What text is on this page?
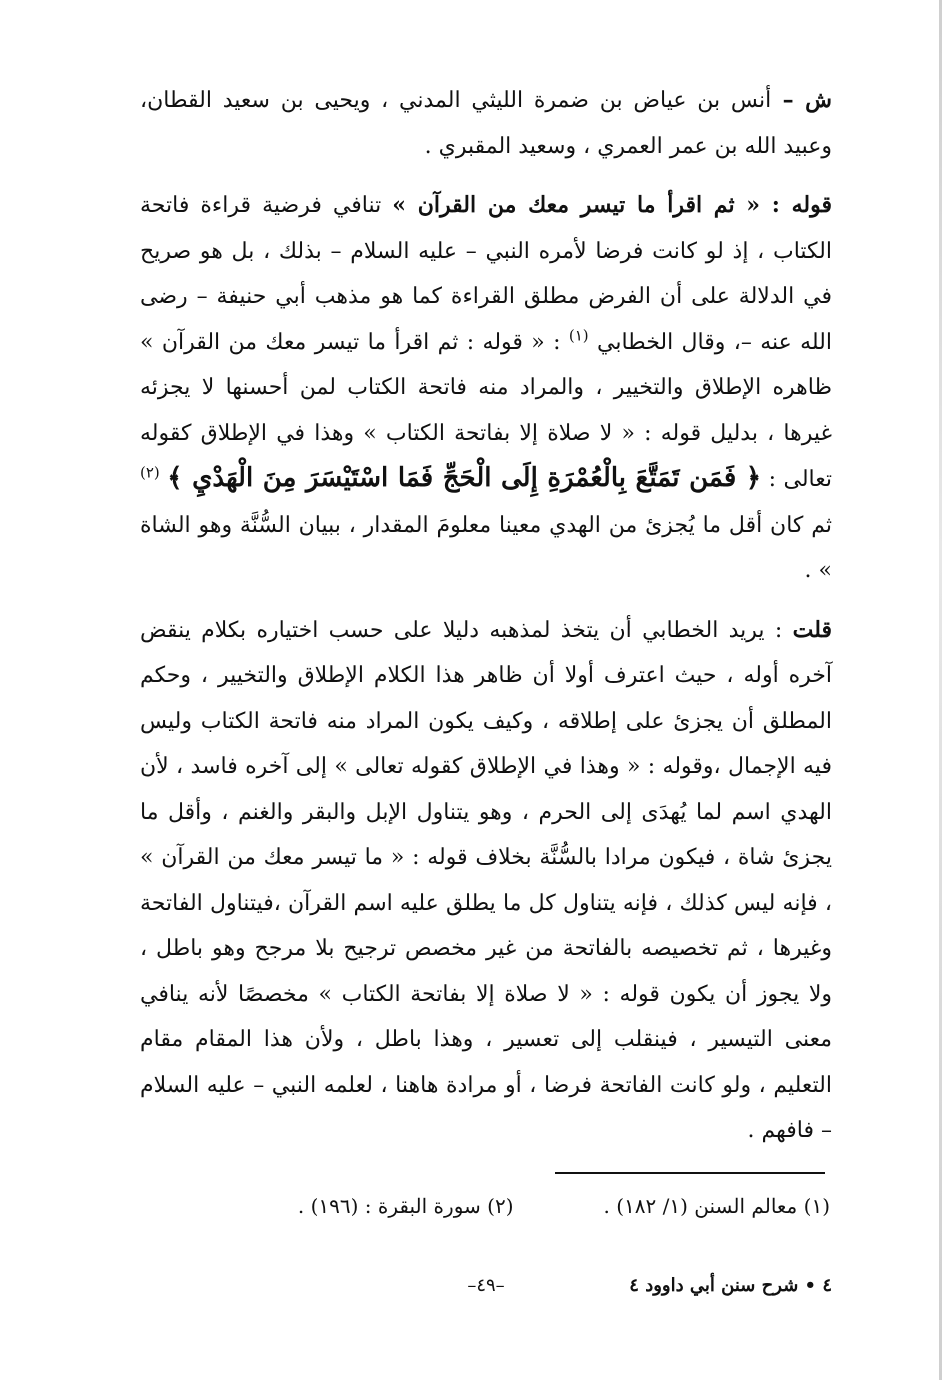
ش – أنس بن عياض بن ضمرة الليثي المدني ، ويحيى بن سعيد القطان، وعبيد الله بن عمر العمري ، وسعيد المقبري .

قوله : « ثم اقرأ ما تيسر معك من القرآن » تنافي فرضية قراءة فاتحة الكتاب ، إذ لو كانت فرضا لأمره النبي – عليه السلام – بذلك ، بل هو صريح في الدلالة على أن الفرض مطلق القراءة كما هو مذهب أبي حنيفة – رضى الله عنه –، وقال الخطابي $^{(١)}$ : « قوله : ثم اقرأ ما تيسر معك من القرآن » ظاهره الإطلاق والتخيير ، والمراد منه فاتحة الكتاب لمن أحسنها لا يجزئه غيرها ، بدليل قوله : « لا صلاة إلا بفاتحة الكتاب » وهذا في الإطلاق كقوله تعالى : ﴿ فَمَن تَمَتَّعَ بِالْعُمْرَةِ إِلَى الْحَجِّ فَمَا اسْتَيْسَرَ مِنَ الْهَدْيِ ﴾ $^{(٢)}$ ثم كان أقل ما يُجزئ من الهدي معينا معلومَ المقدار ، ببيان السُّنَّة وهو الشاة » .

قلت : يريد الخطابي أن يتخذ لمذهبه دليلا على حسب اختياره بكلام ينقض آخره أوله ، حيث اعترف أولا أن ظاهر هذا الكلام الإطلاق والتخيير ، وحكم المطلق أن يجزئ على إطلاقه ، وكيف يكون المراد منه فاتحة الكتاب وليس فيه الإجمال ،وقوله : « وهذا في الإطلاق كقوله تعالى » إلى آخره فاسد ، لأن الهدي اسم لما يُهدَى إلى الحرم ، وهو يتناول الإبل والبقر والغنم ، وأقل ما يجزئ شاة ، فيكون مرادا بالسُّنَّة بخلاف قوله : « ما تيسر معك من القرآن » ، فإنه ليس كذلك ، فإنه يتناول كل ما يطلق عليه اسم القرآن ،فيتناول الفاتحة وغيرها ، ثم تخصيصه بالفاتحة من غير مخصص ترجيح بلا مرجح وهو باطل ، ولا يجوز أن يكون قوله : « لا صلاة إلا بفاتحة الكتاب » مخصصًا لأنه ينافي معنى التيسير ، فينقلب إلى تعسير ، وهذا باطل ، ولأن هذا المقام مقام التعليم ، ولو كانت الفاتحة فرضا ، أو مرادة هاهنا ، لعلمه النبي – عليه السلام – فافهم .

(١) معالم السنن (١/ ١٨٢) .
(٢) سورة البقرة : (١٩٦) .
٤ • شرح سنن أبي داوود ٤
–٤٩–
